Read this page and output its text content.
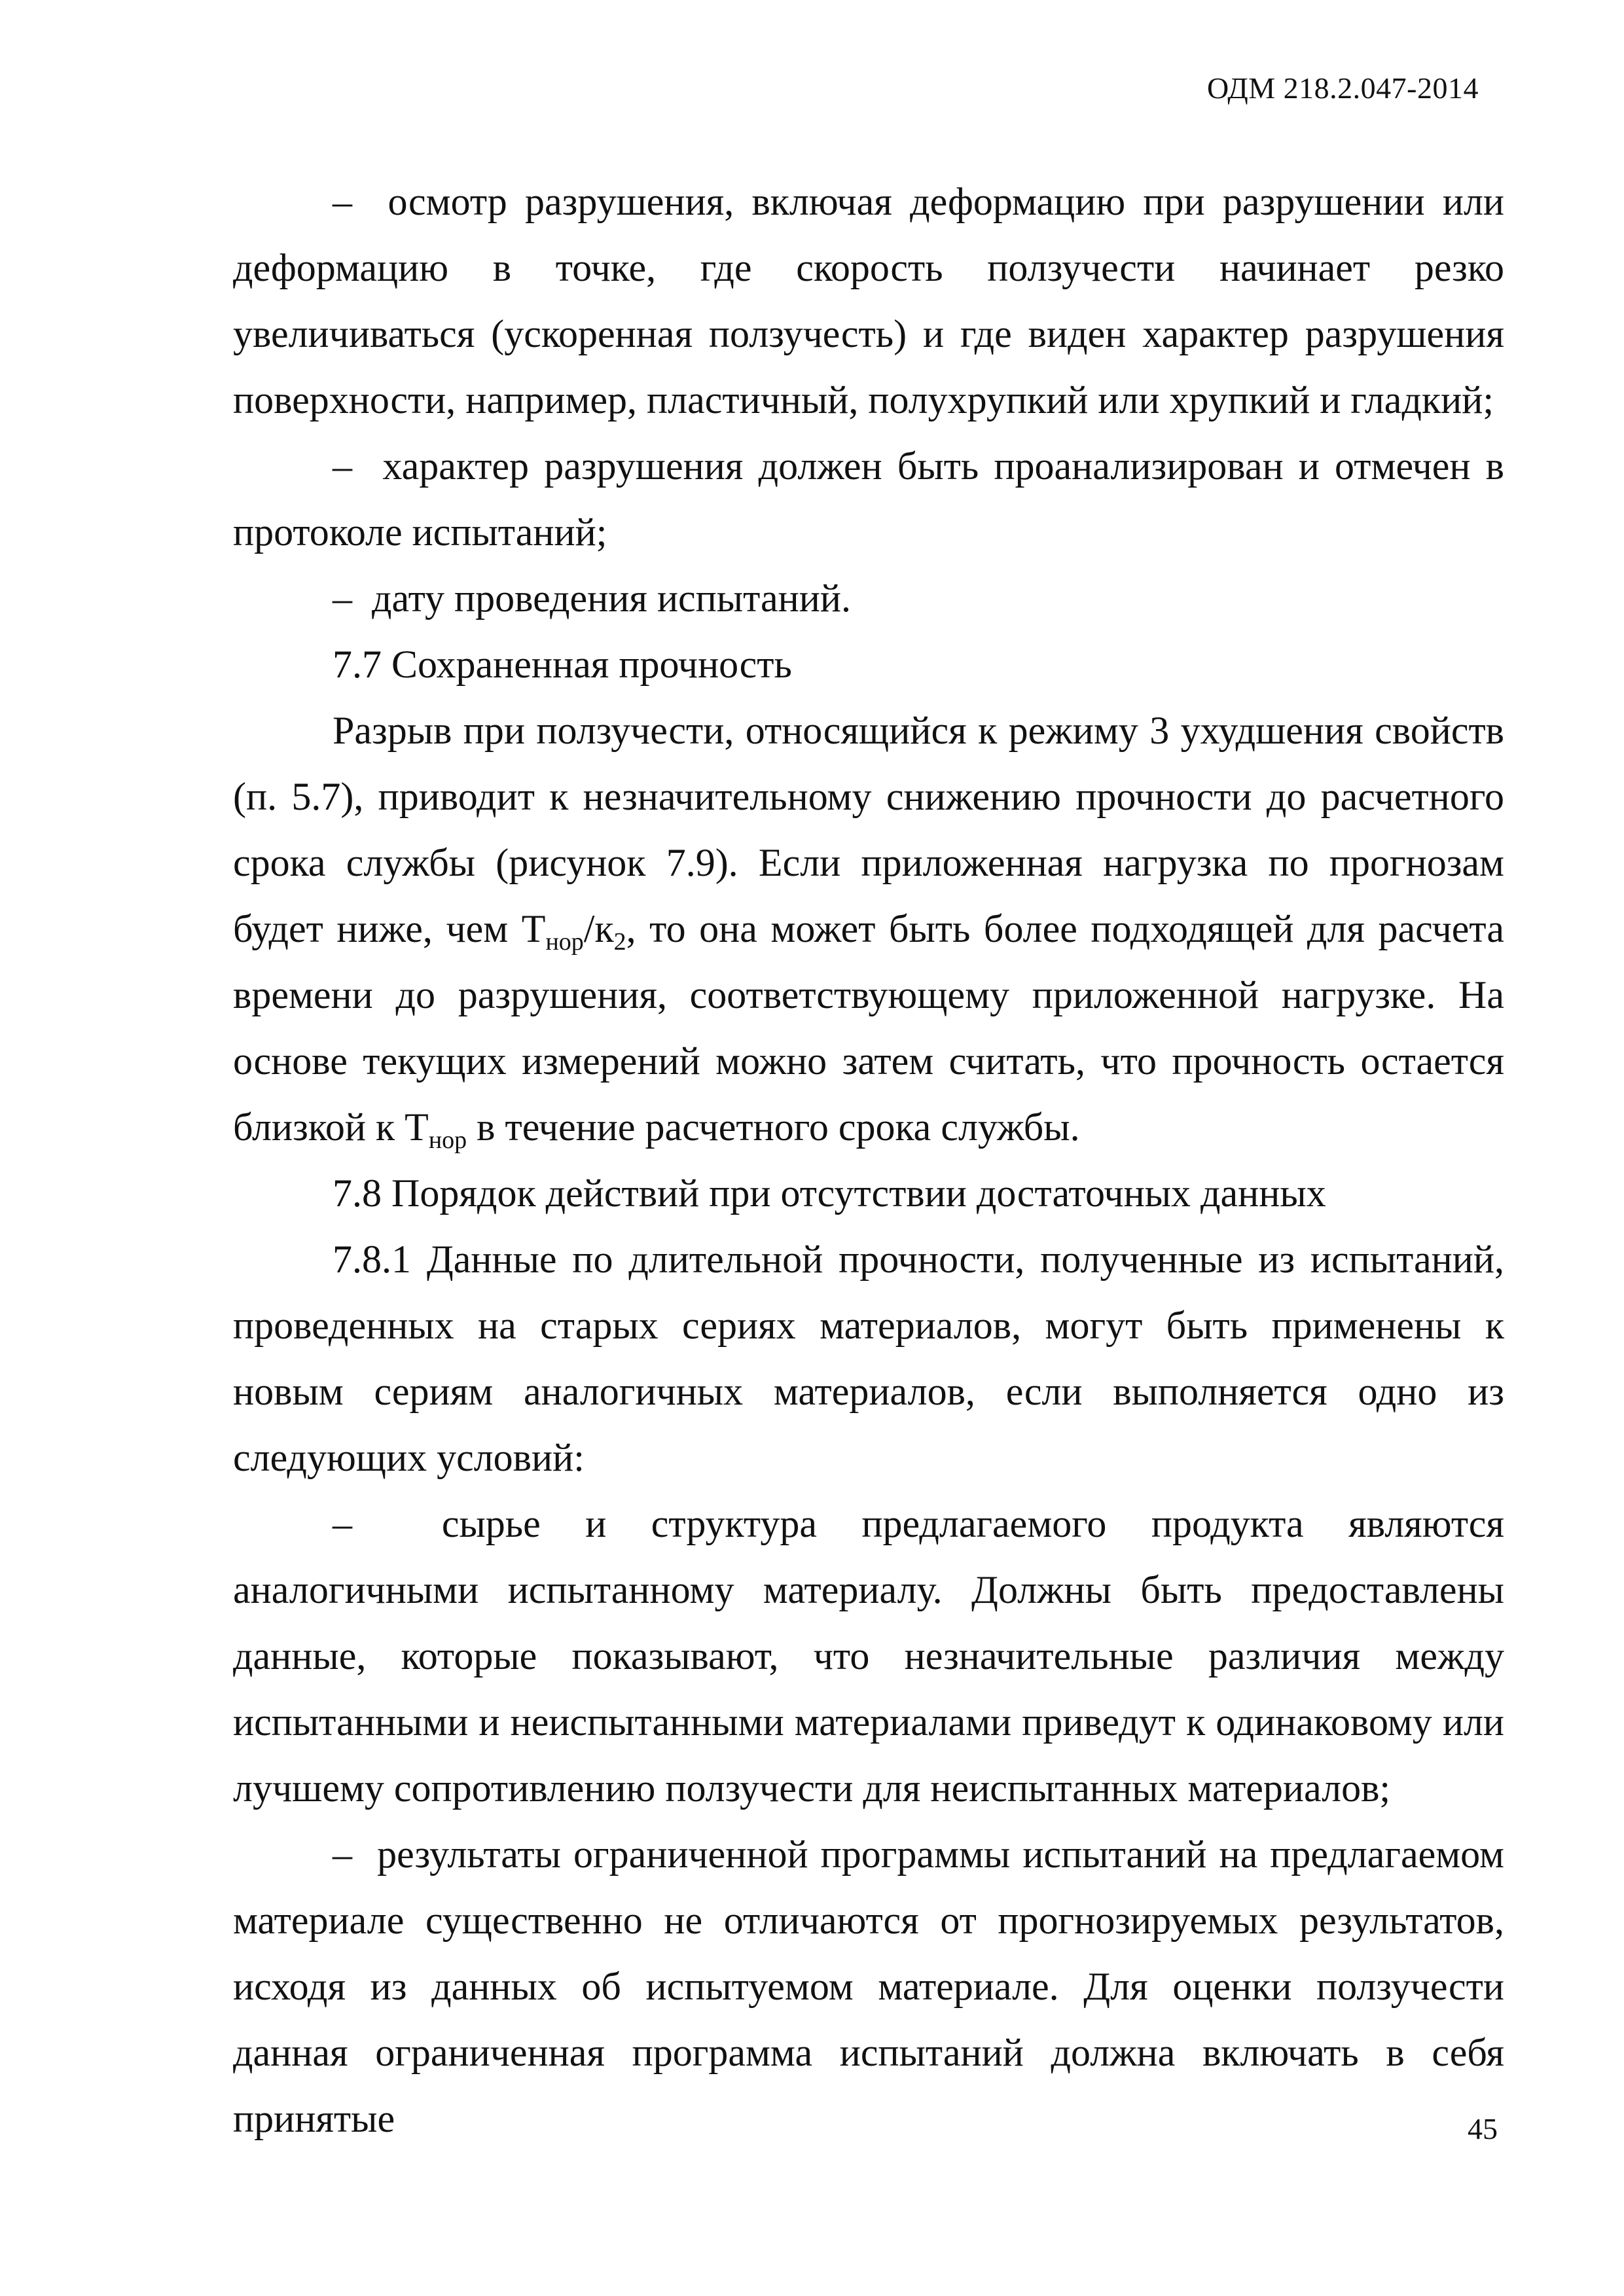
ОДМ 218.2.047-2014

–  осмотр разрушения, включая деформацию при разрушении или деформацию в точке, где скорость ползучести начинает резко увеличиваться (ускоренная ползучесть) и где виден характер разрушения поверхности, например, пластичный, полухрупкий или хрупкий и гладкий;

–  характер разрушения должен быть проанализирован и отмечен в протоколе испытаний;

–  дату проведения испытаний.

7.7 Сохраненная прочность

Разрыв при ползучести, относящийся к режиму 3 ухудшения свойств (п. 5.7), приводит к незначительному снижению прочности до расчетного срока службы (рисунок 7.9). Если приложенная нагрузка по прогнозам будет ниже, чем $Т_{нор}/к_2$, то она может быть более подходящей для расчета времени до разрушения, соответствующему приложенной нагрузке. На основе текущих измерений можно затем считать, что прочность остается близкой к $Т_{нор}$ в течение расчетного срока службы.

7.8 Порядок действий при отсутствии достаточных данных

7.8.1 Данные по длительной прочности, полученные из испытаний, проведенных на старых сериях материалов, могут быть применены к новым сериям аналогичных материалов, если выполняется одно из следующих условий:

–  сырье и структура предлагаемого продукта являются аналогичными испытанному материалу. Должны быть предоставлены данные, которые показывают, что незначительные различия между испытанными и неиспытанными материалами приведут к одинаковому или лучшему сопротивлению ползучести для неиспытанных материалов;

–  результаты ограниченной программы испытаний на предлагаемом материале существенно не отличаются от прогнозируемых результатов, исходя из данных об испытуемом материале. Для оценки ползучести данная ограниченная программа испытаний должна включать в себя принятые	45
